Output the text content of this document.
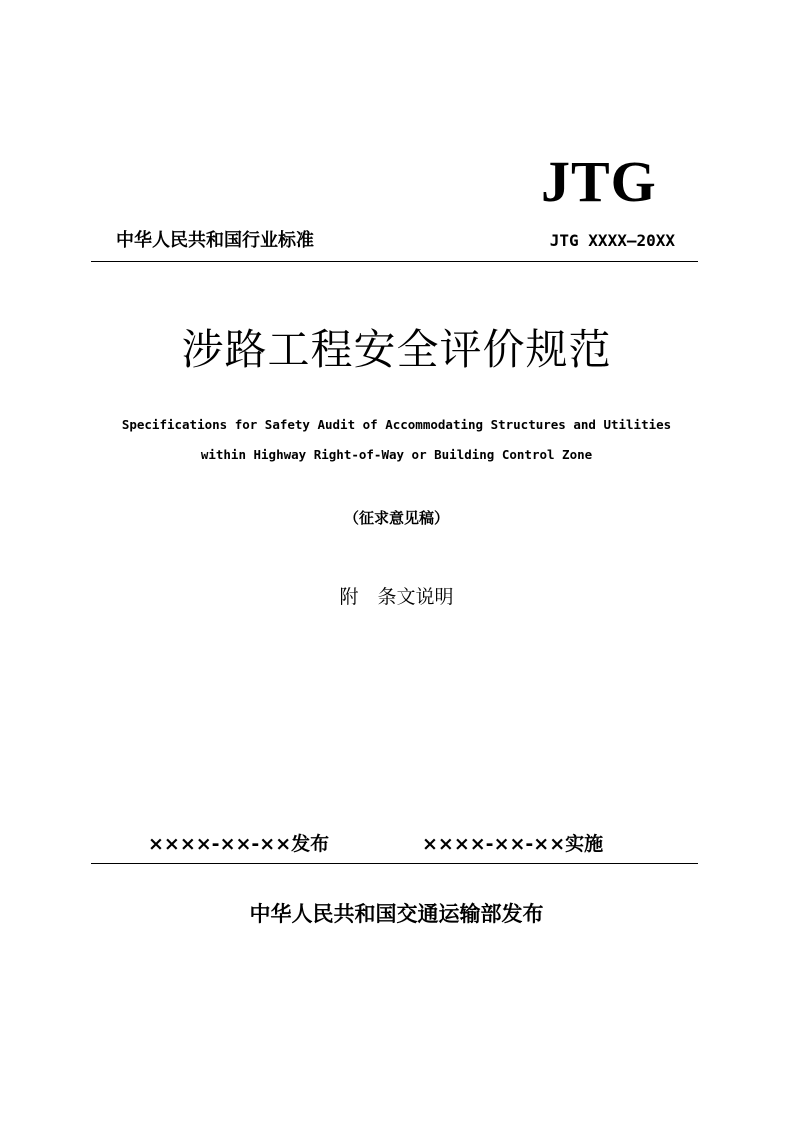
JTG
中华人民共和国行业标准	JTG XXXX—20XX
涉路工程安全评价规范
Specifications for Safety Audit of Accommodating Structures and Utilities
within Highway Right-of-Way or Building Control Zone
（征求意见稿）
附　条文说明
××××-××-××发布	××××-××-××实施
中华人民共和国交通运输部发布
